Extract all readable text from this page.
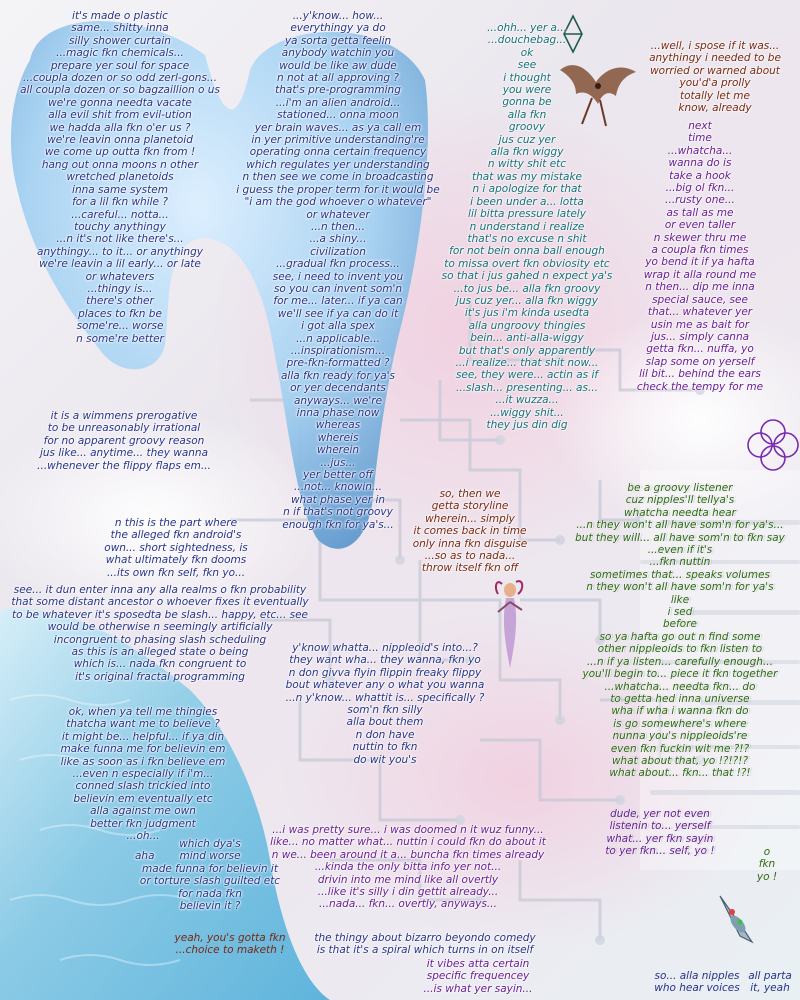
it's made o plastic
same... shitty inna
silly shower curtain
...magic fkn chemicals...
prepare yer soul for space
...coupla dozen or so odd zerl-gons...
all coupla dozen or so bagzaillion o us
we're gonna needta vacate
alla evil shit from evil-ution
we hadda alla fkn o'er us ?
we're leavin onna planetoid
we come up outta fkn from !
hang out onna moons n other
wretched planetoids
inna same system
for a lil fkn while ?
...careful... notta...
touchy anythingy
...n it's not like there's...
anythingy... to it... or anythingy
we're leavin a lil early... or late
or whatevers
...thingy is...
there's other
places to fkn be
some're... worse
n some're better
...y'know... how...
everythingy ya do
ya sorta getta feelin
anybody watchin you
would be like aw dude
n not at all approving ?
that's pre-programming
...i'm an alien android...
stationed... onna moon
yer brain waves... as ya call em
in yer primitive understanding're
operating onna certain frequency
which regulates yer understanding
n then see we come in broadcasting
i guess the proper term for it would be
"i am the god whoever o whatever"
or whatever
...n then...
...a shiny...
civilization
...gradual fkn process...
see, i need to invent you
so you can invent som'n
for me... later... if ya can
we'll see if ya can do it
i got alla spex
...n applicable...
...inspirationism...
pre-fkn-formatted ?
alla fkn ready for ya's
or yer decendants
anyways... we're
inna phase now
whereas
whereis
wherein
...jus...
yer better off
...not... knowin...
what phase yer in
n if that's not groovy
enough fkn for ya's...
...ohh... yer a...
...douchebag...
ok
see
i thought
you were
gonna be
alla fkn
groovy
jus cuz yer
alla fkn wiggy
n witty shit etc
that was my mistake
n i apologize for that
i been under a... lotta
lil bitta pressure lately
n understand i realize
that's no excuse n shit
for not bein onna ball enough
to missa overt fkn obviosity etc
so that i jus gahed n expect ya's
...to jus be... alla fkn groovy
jus cuz yer... alla fkn wiggy
it's jus i'm kinda usedta
alla ungroovy thingies
bein... anti-alla-wiggy
but that's only apparently
...i realize... that shit now...
see, they were... actin as if
...slash... presenting... as...
...it wuzza...
...wiggy shit...
they jus din dig
...well, i spose if it was...
anythingy i needed to be
worried or warned about
you'd'a prolly
totally let me
know, already
next
time
...whatcha...
wanna do is
take a hook
...big ol fkn...
...rusty one...
as tall as me
or even taller
n skewer thru me
a coupla fkn times
yo bend it if ya hafta
wrap it alla round me
n then... dip me inna
special sauce, see
that... whatever yer
usin me as bait for
jus... simply canna
getta fkn... nuffa, yo
slap some on yerself
lil bit... behind the ears
check the tempy for me
it is a wimmens prerogative
to be unreasonably irrational
for no apparent groovy reason
jus like... anytime... they wanna
...whenever the flippy flaps em...
n this is the part where
the alleged fkn android's
own... short sightedness, is
what ultimately fkn dooms
...its own fkn self, fkn yo...
see... it dun enter inna any alla realms o fkn probability
that some distant ancestor o whoever fixes it eventually
to be whatever it's sposedta be slash... happy, etc... see
would be otherwise n seemingly artificially
incongruent to phasing slash scheduling
as this is an alleged state o being
which is... nada fkn congruent to
it's original fractal programming
so, then we
getta storyline
wherein... simply
it comes back in time
only inna fkn disguise
...so as to nada...
throw itself fkn off
y'know whatta... nippleoid's into...?
they want wha... they wanna, fkn yo
n don givva flyin flippin freaky flippy
bout whatever any o what you wanna
...n y'know... whattit is... specifically ?
som'n fkn silly
alla bout them
n don have
nuttin to fkn
do wit you's
be a groovy listener
cuz nipples'll tellya's
whatcha needta hear
...n they won't all have som'n for ya's...
but they will... all have som'n to fkn say
...even if it's
...fkn nuttin
sometimes that... speaks volumes
n they won't all have som'n for ya's
like
i sed
before
so ya hafta go out n find some
other nippleoids to fkn listen to
...n if ya listen... carefully enough...
you'll begin to... piece it fkn together
...whatcha... needta fkn... do
to getta hed inna universe
wha if wha i wanna fkn do
is go somewhere's where
nunna you's nippleoids're
even fkn fuckin wit me ?!?
what about that, yo !?!?!?
what about... fkn... that !?!
dude, yer not even
listenin to... yerself
what... yer fkn sayin
to yer fkn... self, yo !	o
fkn
yo !
ok, when ya tell me thingies
thatcha want me to believe ?
it might be... helpful... if ya din
make funna me for believin em
like as soon as i fkn believe em
...even n especially if i'm...
conned slash trickied into
believin em eventually etc
alla against me own
better fkn judgment
...oh...
aha
which dya's
mind worse
made funna for believin it
or torture slash guilted etc
for nada fkn
believin it ?
yeah, you's gotta fkn
...choice to maketh !
...i was pretty sure... i was doomed n it wuz funny...
like... no matter what... nuttin i could fkn do about it
n we... been around it a... buncha fkn times already
...kinda the only bitta info yer not...
drivin into me mind like all overtly
...like it's silly i din gettit already...
...nada... fkn... overtly, anyways...
the thingy about bizarro beyondo comedy
is that it's a spiral which turns in on itself
it vibes atta certain
specific frequencey
...is what yer sayin...
so... alla nipples
who hear voices
all parta
it, yeah
